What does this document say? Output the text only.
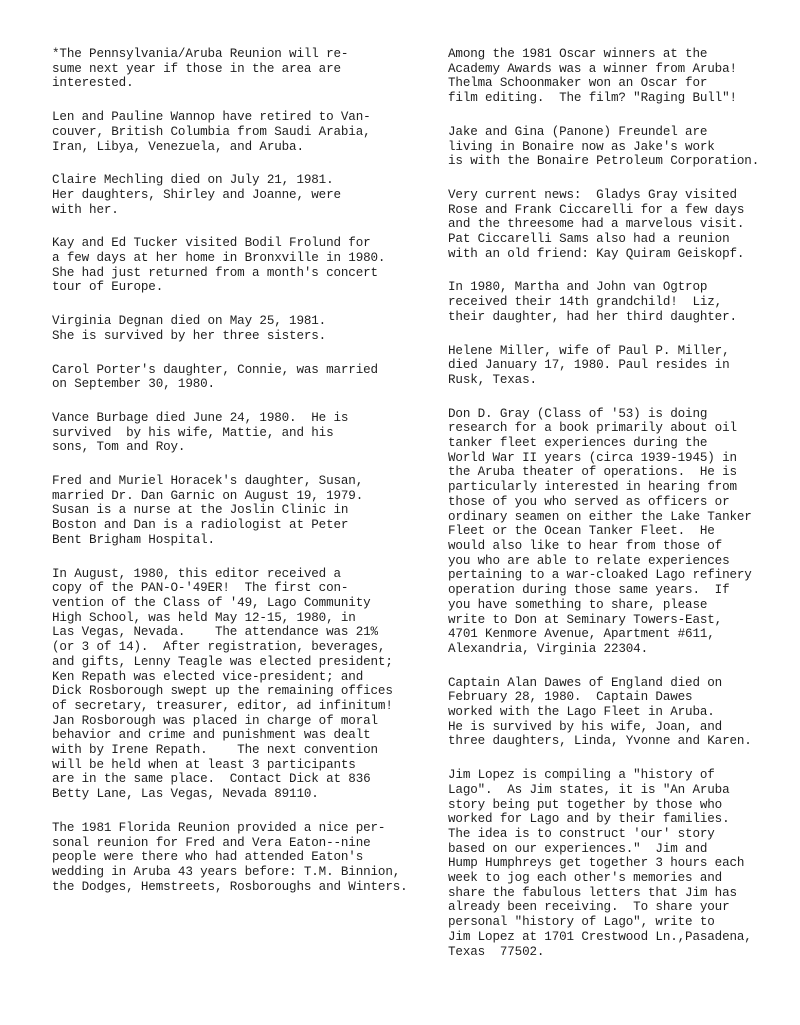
*The Pennsylvania/Aruba Reunion will re-
sume next year if those in the area are
interested.

Len and Pauline Wannop have retired to Van-
couver, British Columbia from Saudi Arabia,
Iran, Libya, Venezuela, and Aruba.

Claire Mechling died on July 21, 1981.
Her daughters, Shirley and Joanne, were
with her.

Kay and Ed Tucker visited Bodil Frolund for
a few days at her home in Bronxville in 1980.
She had just returned from a month's concert
tour of Europe.

Virginia Degnan died on May 25, 1981.
She is survived by her three sisters.

Carol Porter's daughter, Connie, was married
on September 30, 1980.

Vance Burbage died June 24, 1980.  He is
survived  by his wife, Mattie, and his
sons, Tom and Roy.

Fred and Muriel Horacek's daughter, Susan,
married Dr. Dan Garnic on August 19, 1979.
Susan is a nurse at the Joslin Clinic in
Boston and Dan is a radiologist at Peter
Bent Brigham Hospital.

In August, 1980, this editor received a
copy of the PAN-O-'49ER!  The first con-
vention of the Class of '49, Lago Community
High School, was held May 12-15, 1980, in
Las Vegas, Nevada.    The attendance was 21%
(or 3 of 14).  After registration, beverages,
and gifts, Lenny Teagle was elected president;
Ken Repath was elected vice-president; and
Dick Rosborough swept up the remaining offices
of secretary, treasurer, editor, ad infinitum!
Jan Rosborough was placed in charge of moral
behavior and crime and punishment was dealt
with by Irene Repath.    The next convention
will be held when at least 3 participants
are in the same place.  Contact Dick at 836
Betty Lane, Las Vegas, Nevada 89110.

The 1981 Florida Reunion provided a nice per-
sonal reunion for Fred and Vera Eaton--nine
people were there who had attended Eaton's
wedding in Aruba 43 years before: T.M. Binnion,
the Dodges, Hemstreets, Rosboroughs and Winters.

Among the 1981 Oscar winners at the
Academy Awards was a winner from Aruba!
Thelma Schoonmaker won an Oscar for
film editing.  The film? "Raging Bull"!

Jake and Gina (Panone) Freundel are
living in Bonaire now as Jake's work
is with the Bonaire Petroleum Corporation.

Very current news:  Gladys Gray visited
Rose and Frank Ciccarelli for a few days
and the threesome had a marvelous visit.
Pat Ciccarelli Sams also had a reunion
with an old friend: Kay Quiram Geiskopf.

In 1980, Martha and John van Ogtrop
received their 14th grandchild!  Liz,
their daughter, had her third daughter.

Helene Miller, wife of Paul P. Miller,
died January 17, 1980. Paul resides in
Rusk, Texas.

Don D. Gray (Class of '53) is doing
research for a book primarily about oil
tanker fleet experiences during the
World War II years (circa 1939-1945) in
the Aruba theater of operations.  He is
particularly interested in hearing from
those of you who served as officers or
ordinary seamen on either the Lake Tanker
Fleet or the Ocean Tanker Fleet.  He
would also like to hear from those of
you who are able to relate experiences
pertaining to a war-cloaked Lago refinery
operation during those same years.  If
you have something to share, please
write to Don at Seminary Towers-East,
4701 Kenmore Avenue, Apartment #611,
Alexandria, Virginia 22304.

Captain Alan Dawes of England died on
February 28, 1980.  Captain Dawes
worked with the Lago Fleet in Aruba.
He is survived by his wife, Joan, and
three daughters, Linda, Yvonne and Karen.

Jim Lopez is compiling a "history of
Lago".  As Jim states, it is "An Aruba
story being put together by those who
worked for Lago and by their families.
The idea is to construct 'our' story
based on our experiences."  Jim and
Hump Humphreys get together 3 hours each
week to jog each other's memories and
share the fabulous letters that Jim has
already been receiving.  To share your
personal "history of Lago", write to
Jim Lopez at 1701 Crestwood Ln.,Pasadena,
Texas  77502.
